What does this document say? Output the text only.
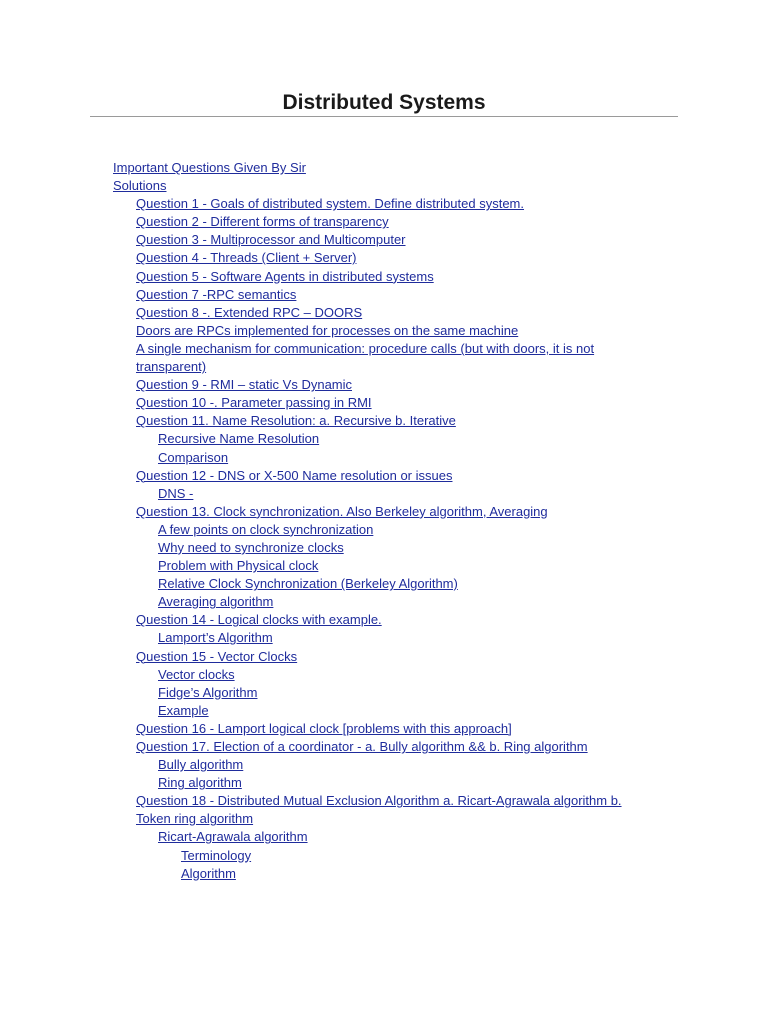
Distributed Systems
Important Questions Given By Sir
Solutions
Question 1 - Goals of distributed system. Define distributed system.
Question 2 - Different forms of transparency
Question 3 - Multiprocessor and Multicomputer
Question 4 - Threads (Client + Server)
Question 5 - Software Agents in distributed systems
Question 7 -RPC semantics
Question 8 -. Extended RPC – DOORS
Doors are RPCs implemented for processes on the same machine
A single mechanism for communication: procedure calls (but with doors, it is not
transparent)
Question 9 - RMI – static Vs Dynamic
Question 10 -. Parameter passing in RMI
Question 11. Name Resolution: a. Recursive b. Iterative
Recursive Name Resolution
Comparison
Question 12 - DNS or X-500 Name resolution or issues
DNS -
Question 13. Clock synchronization. Also Berkeley algorithm, Averaging
A few points on clock synchronization
Why need to synchronize clocks
Problem with Physical clock
Relative Clock Synchronization (Berkeley Algorithm)
Averaging algorithm
Question 14 - Logical clocks with example.
Lamport’s Algorithm
Question 15 - Vector Clocks
Vector clocks
Fidge’s Algorithm
Example
Question 16 - Lamport logical clock [problems with this approach]
Question 17. Election of a coordinator - a. Bully algorithm && b. Ring algorithm
Bully algorithm
Ring algorithm
Question 18 - Distributed Mutual Exclusion Algorithm a. Ricart-Agrawala algorithm b.
Token ring algorithm
Ricart-Agrawala algorithm
Terminology
Algorithm
